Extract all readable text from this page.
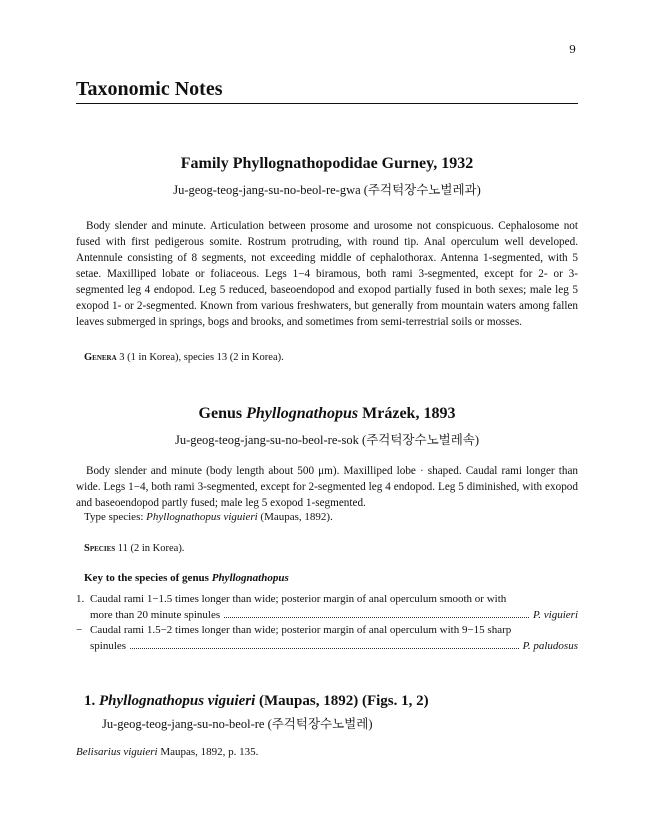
9
Taxonomic Notes
Family Phyllognathopodidae Gurney, 1932

Ju-geog-teog-jang-su-no-beol-re-gwa (주걱턱장수노벌레과)

Body slender and minute. Articulation between prosome and urosome not conspicuous. Cephalosome not fused with first pedigerous somite. Rostrum protruding, with round tip. Anal operculum well developed. Antennule consisting of 8 segments, not exceeding middle of cephalothorax. Antenna 1-segmented, with 5 setae. Maxilliped lobate or foliaceous. Legs 1−4 biramous, both rami 3-segmented, except for 2- or 3-segmented leg 4 endopod. Leg 5 reduced, baseoendopod and exopod partially fused in both sexes; male leg 5 exopod 1- or 2-segmented. Known from various freshwaters, but generally from mountain waters among fallen leaves submerged in springs, bogs and brooks, and sometimes from semi-terrestrial soils or mosses.

Genera 3 (1 in Korea), species 13 (2 in Korea).

Genus Phyllognathopus Mrázek, 1893

Ju-geog-teog-jang-su-no-beol-re-sok (주걱턱장수노벌레속)

Body slender and minute (body length about 500 μm). Maxilliped lobe · shaped. Caudal rami longer than wide. Legs 1−4, both rami 3-segmented, except for 2-segmented leg 4 endopod. Leg 5 diminished, with exopod and baseoendopod partly fused; male leg 5 exopod 1-segmented.

Type species: Phyllognathopus viguieri (Maupas, 1892).

Species 11 (2 in Korea).

Key to the species of genus Phyllognathopus

1. Caudal rami 1−1.5 times longer than wide; posterior margin of anal operculum smooth or with
more than 20 minute spinules	P. viguieri
− Caudal rami 1.5−2 times longer than wide; posterior margin of anal operculum with 9−15 sharp
spinules	P. paludosus
1. Phyllognathopus viguieri (Maupas, 1892) (Figs. 1, 2)

Ju-geog-teog-jang-su-no-beol-re (주걱턱장수노벌레)

Belisarius viguieri Maupas, 1892, p. 135.
